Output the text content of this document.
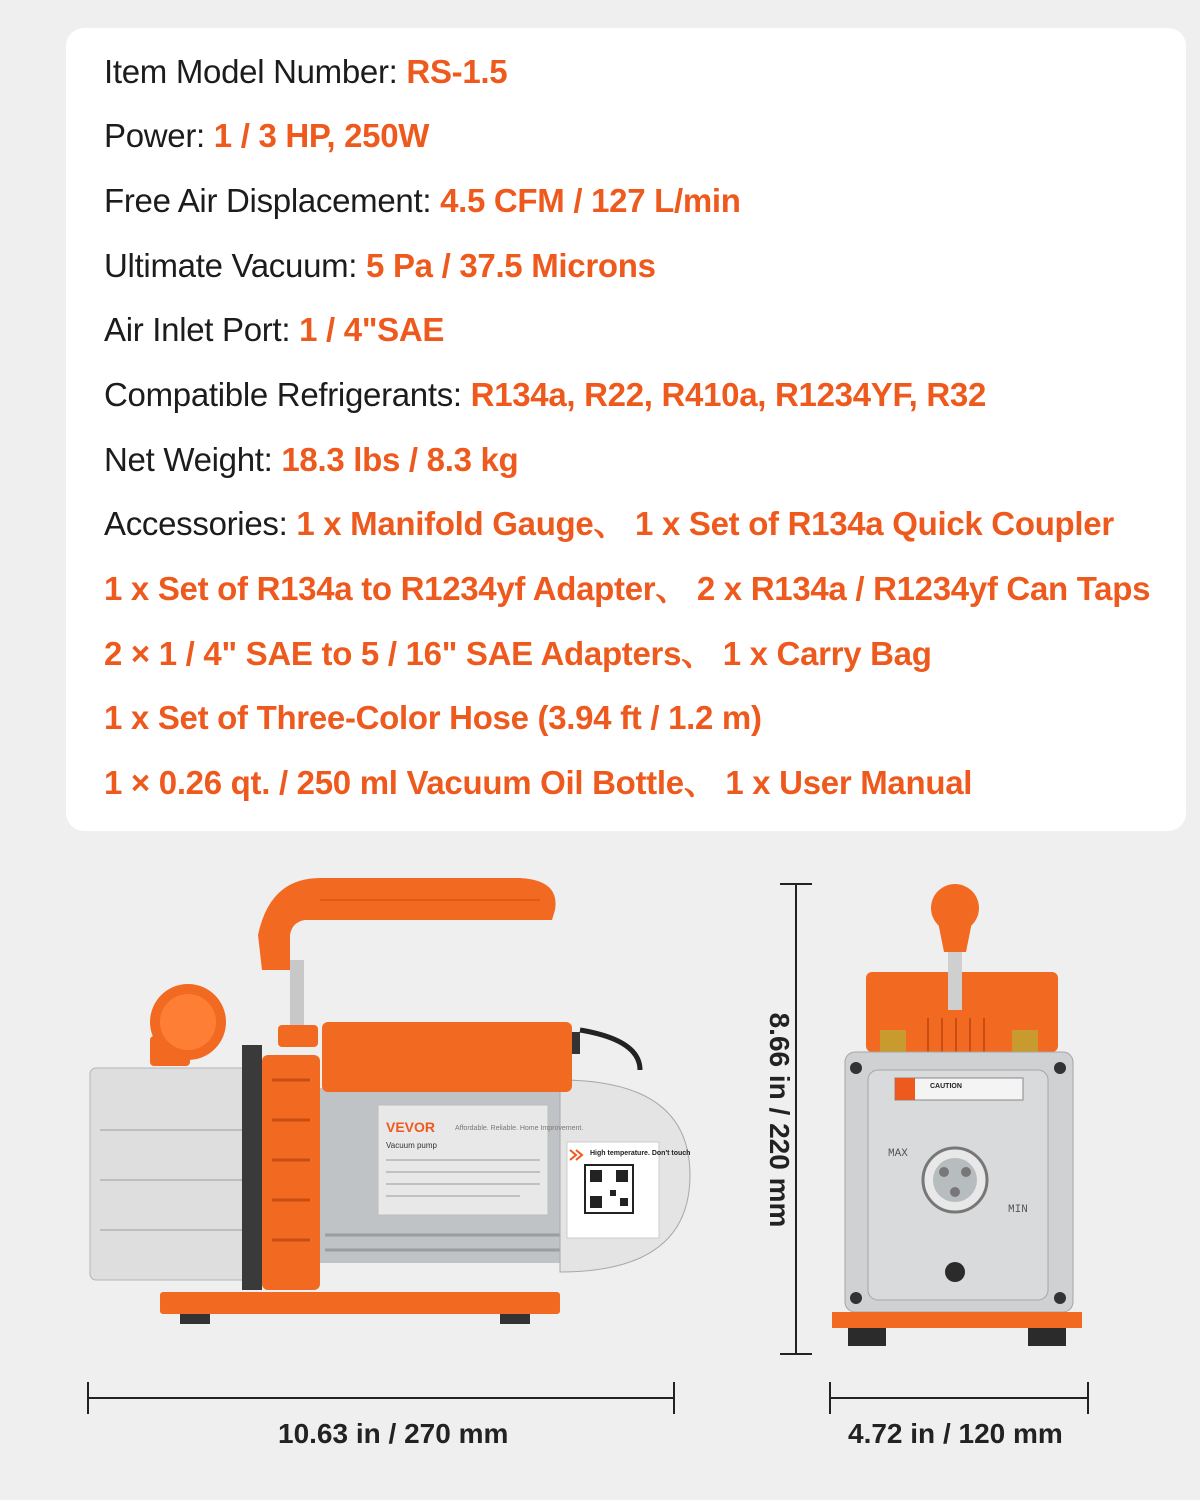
Item Model Number: RS-1.5
Power: 1 / 3 HP, 250W
Free Air Displacement: 4.5 CFM / 127 L/min
Ultimate Vacuum: 5 Pa / 37.5 Microns
Air Inlet Port: 1 / 4"SAE
Compatible Refrigerants: R134a, R22, R410a, R1234YF, R32
Net Weight: 18.3 lbs / 8.3 kg
Accessories: 1 x Manifold Gauge、 1 x Set of R134a Quick Coupler
1 x Set of R134a to R1234yf Adapter、 2 x R134a / R1234yf Can Taps
2 × 1 / 4" SAE to 5 / 16" SAE Adapters、 1 x Carry Bag
1 x Set of Three-Color Hose (3.94 ft / 1.2 m)
1 × 0.26 qt. / 250 ml Vacuum Oil Bottle、 1 x User Manual
VEVOR	Affordable. Reliable. Home Improvement.
Vacuum pump
High temperature. Don't touch
CAUTION
MAX
MIN
8.66 in / 220 mm
10.63 in / 270 mm	4.72 in / 120 mm
